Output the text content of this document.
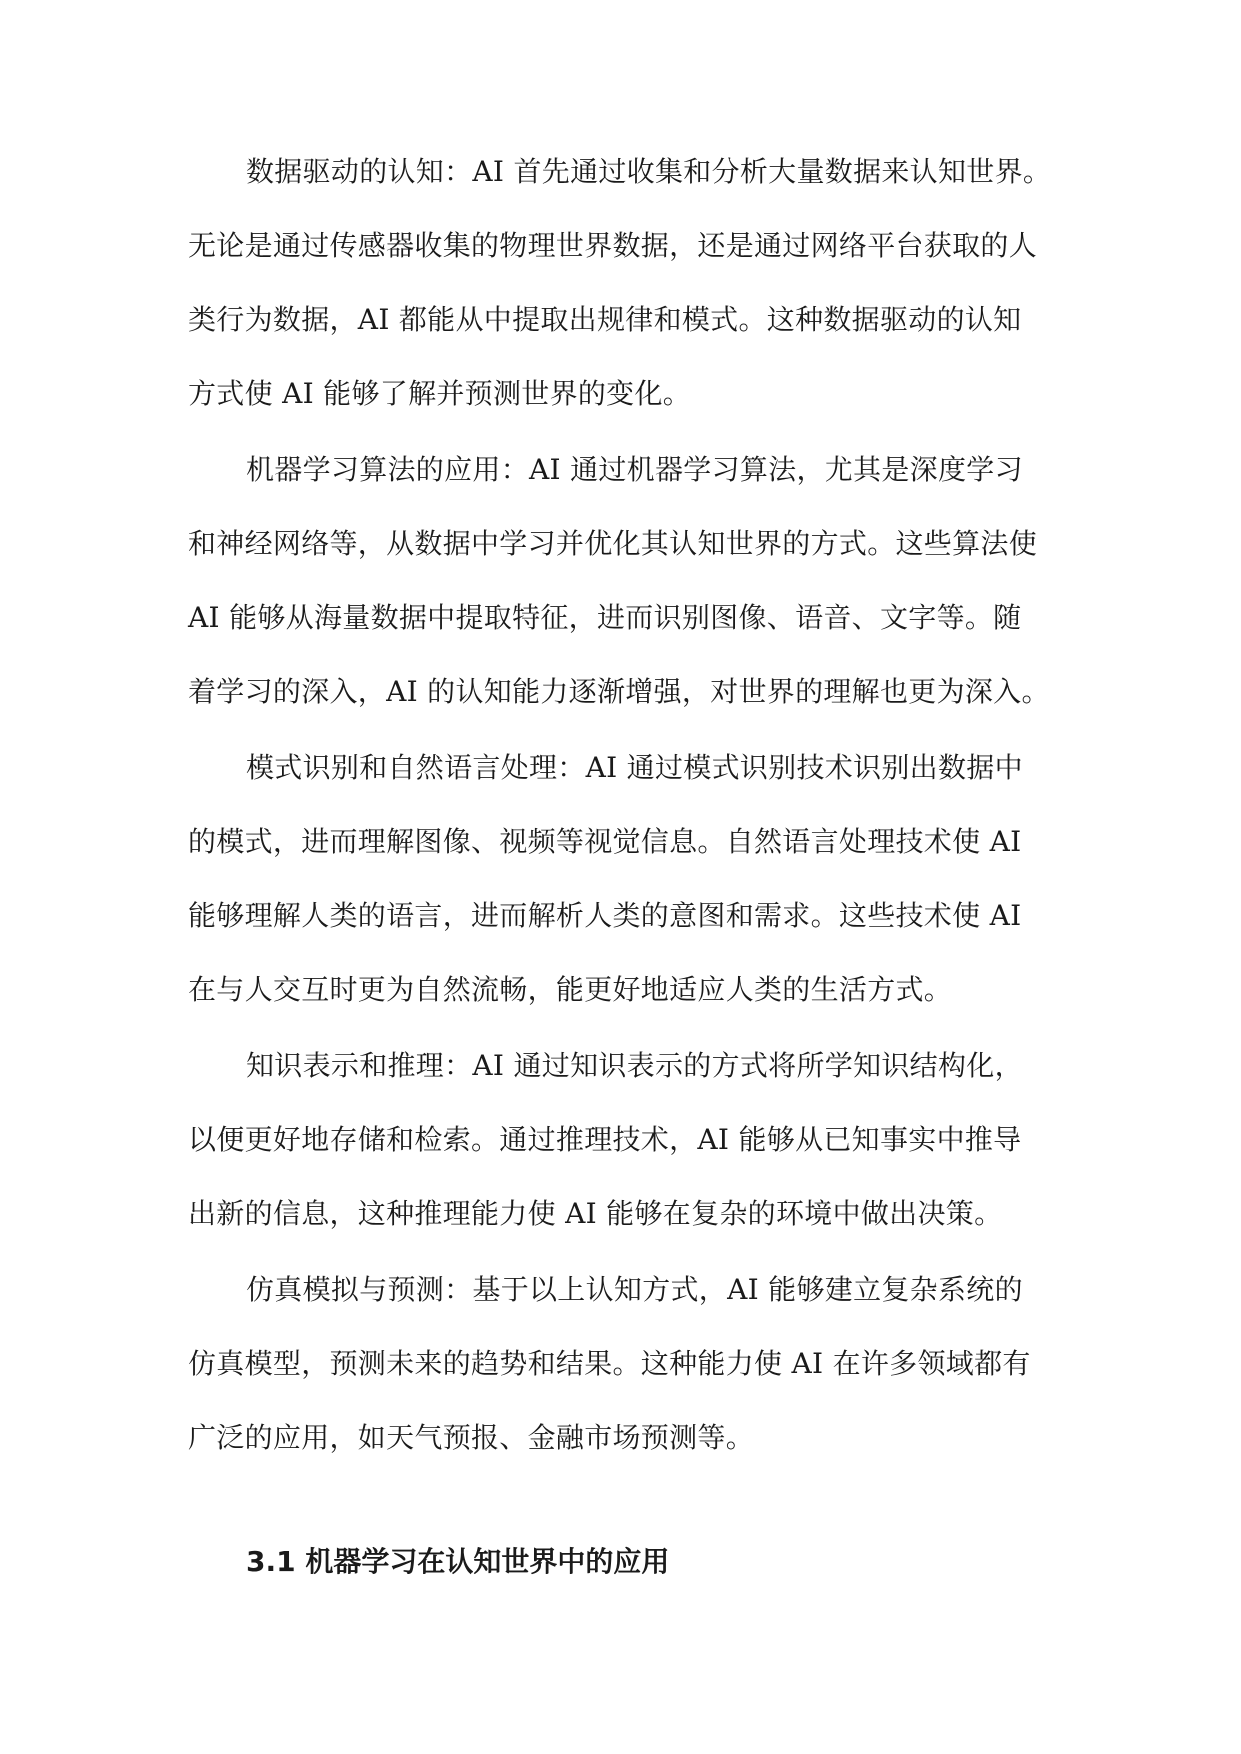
数据驱动的认知：AI 首先通过收集和分析大量数据来认知世界。
无论是通过传感器收集的物理世界数据，还是通过网络平台获取的人
类行为数据，AI 都能从中提取出规律和模式。这种数据驱动的认知
方式使 AI 能够了解并预测世界的变化。
机器学习算法的应用：AI 通过机器学习算法，尤其是深度学习
和神经网络等，从数据中学习并优化其认知世界的方式。这些算法使
AI 能够从海量数据中提取特征，进而识别图像、语音、文字等。随
着学习的深入，AI 的认知能力逐渐增强，对世界的理解也更为深入。
模式识别和自然语言处理：AI 通过模式识别技术识别出数据中
的模式，进而理解图像、视频等视觉信息。自然语言处理技术使 AI
能够理解人类的语言，进而解析人类的意图和需求。这些技术使 AI
在与人交互时更为自然流畅，能更好地适应人类的生活方式。
知识表示和推理：AI 通过知识表示的方式将所学知识结构化，
以便更好地存储和检索。通过推理技术，AI 能够从已知事实中推导
出新的信息，这种推理能力使 AI 能够在复杂的环境中做出决策。
仿真模拟与预测：基于以上认知方式，AI 能够建立复杂系统的
仿真模型，预测未来的趋势和结果。这种能力使 AI 在许多领域都有
广泛的应用，如天气预报、金融市场预测等。
3.1 机器学习在认知世界中的应用
